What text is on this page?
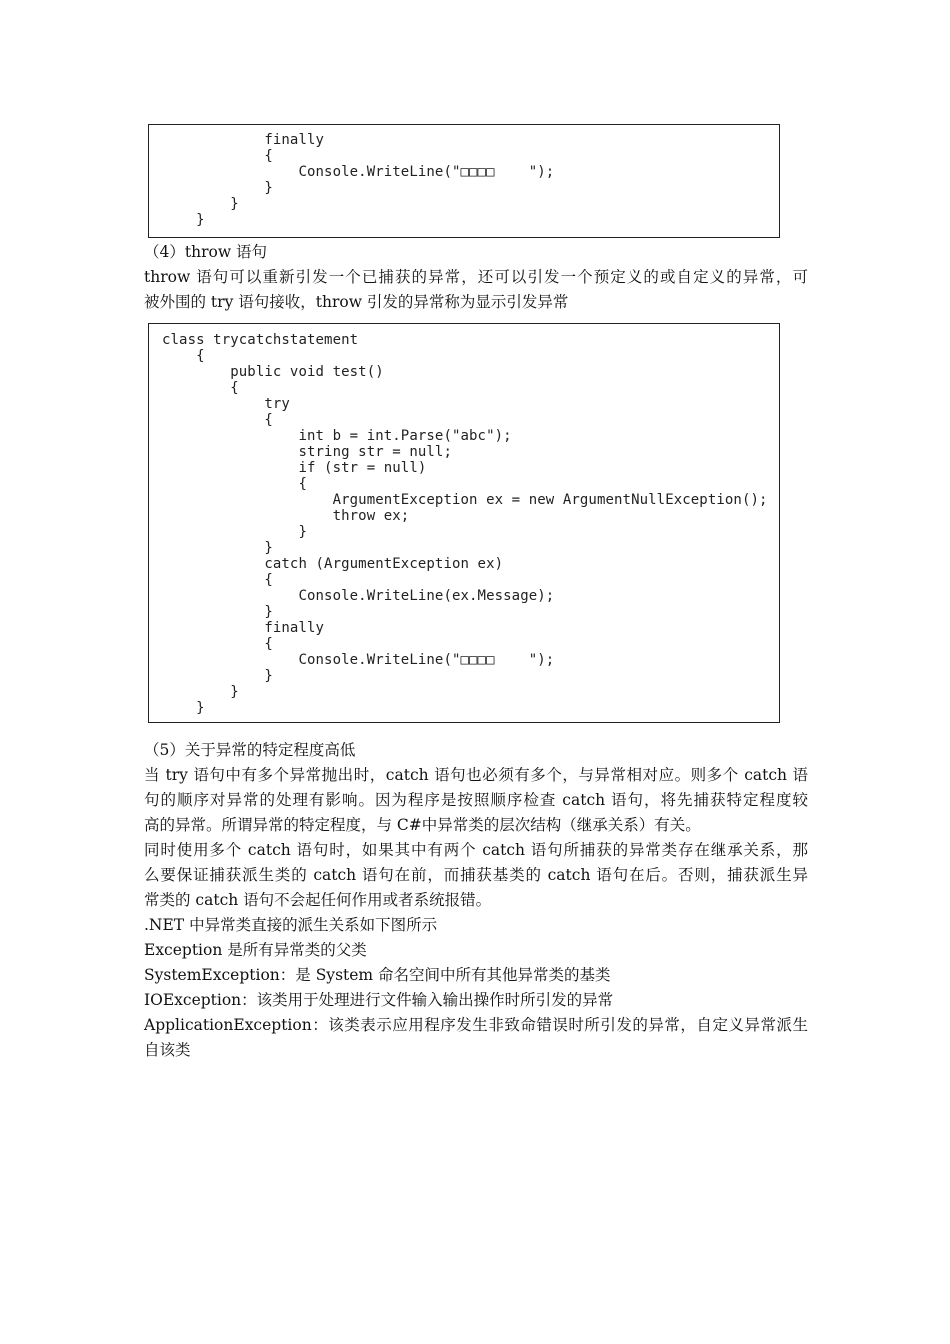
finally
{
Console.WriteLine("□□□□    ");
}
}
}
（4）throw 语句
throw 语句可以重新引发一个已捕获的异常，还可以引发一个预定义的或自定义的异常，可
被外围的 try 语句接收，throw 引发的异常称为显示引发异常
class trycatchstatement
{
public void test()
{
try
{
int b = int.Parse("abc");
string str = null;
if (str = null)
{
ArgumentException ex = new ArgumentNullException();
throw ex;
}
}
catch (ArgumentException ex)
{
Console.WriteLine(ex.Message);
}
finally
{
Console.WriteLine("□□□□    ");
}
}
}
（5）关于异常的特定程度高低
当 try 语句中有多个异常抛出时，catch 语句也必须有多个，与异常相对应。则多个 catch 语
句的顺序对异常的处理有影响。因为程序是按照顺序检查 catch 语句，将先捕获特定程度较
高的异常。所谓异常的特定程度，与 C#中异常类的层次结构（继承关系）有关。
同时使用多个 catch 语句时，如果其中有两个 catch 语句所捕获的异常类存在继承关系，那
么要保证捕获派生类的 catch 语句在前，而捕获基类的 catch 语句在后。否则，捕获派生异
常类的 catch 语句不会起任何作用或者系统报错。
.NET 中异常类直接的派生关系如下图所示
Exception 是所有异常类的父类
SystemException：是 System 命名空间中所有其他异常类的基类
IOException：该类用于处理进行文件输入输出操作时所引发的异常
ApplicationException：该类表示应用程序发生非致命错误时所引发的异常，自定义异常派生
自该类
